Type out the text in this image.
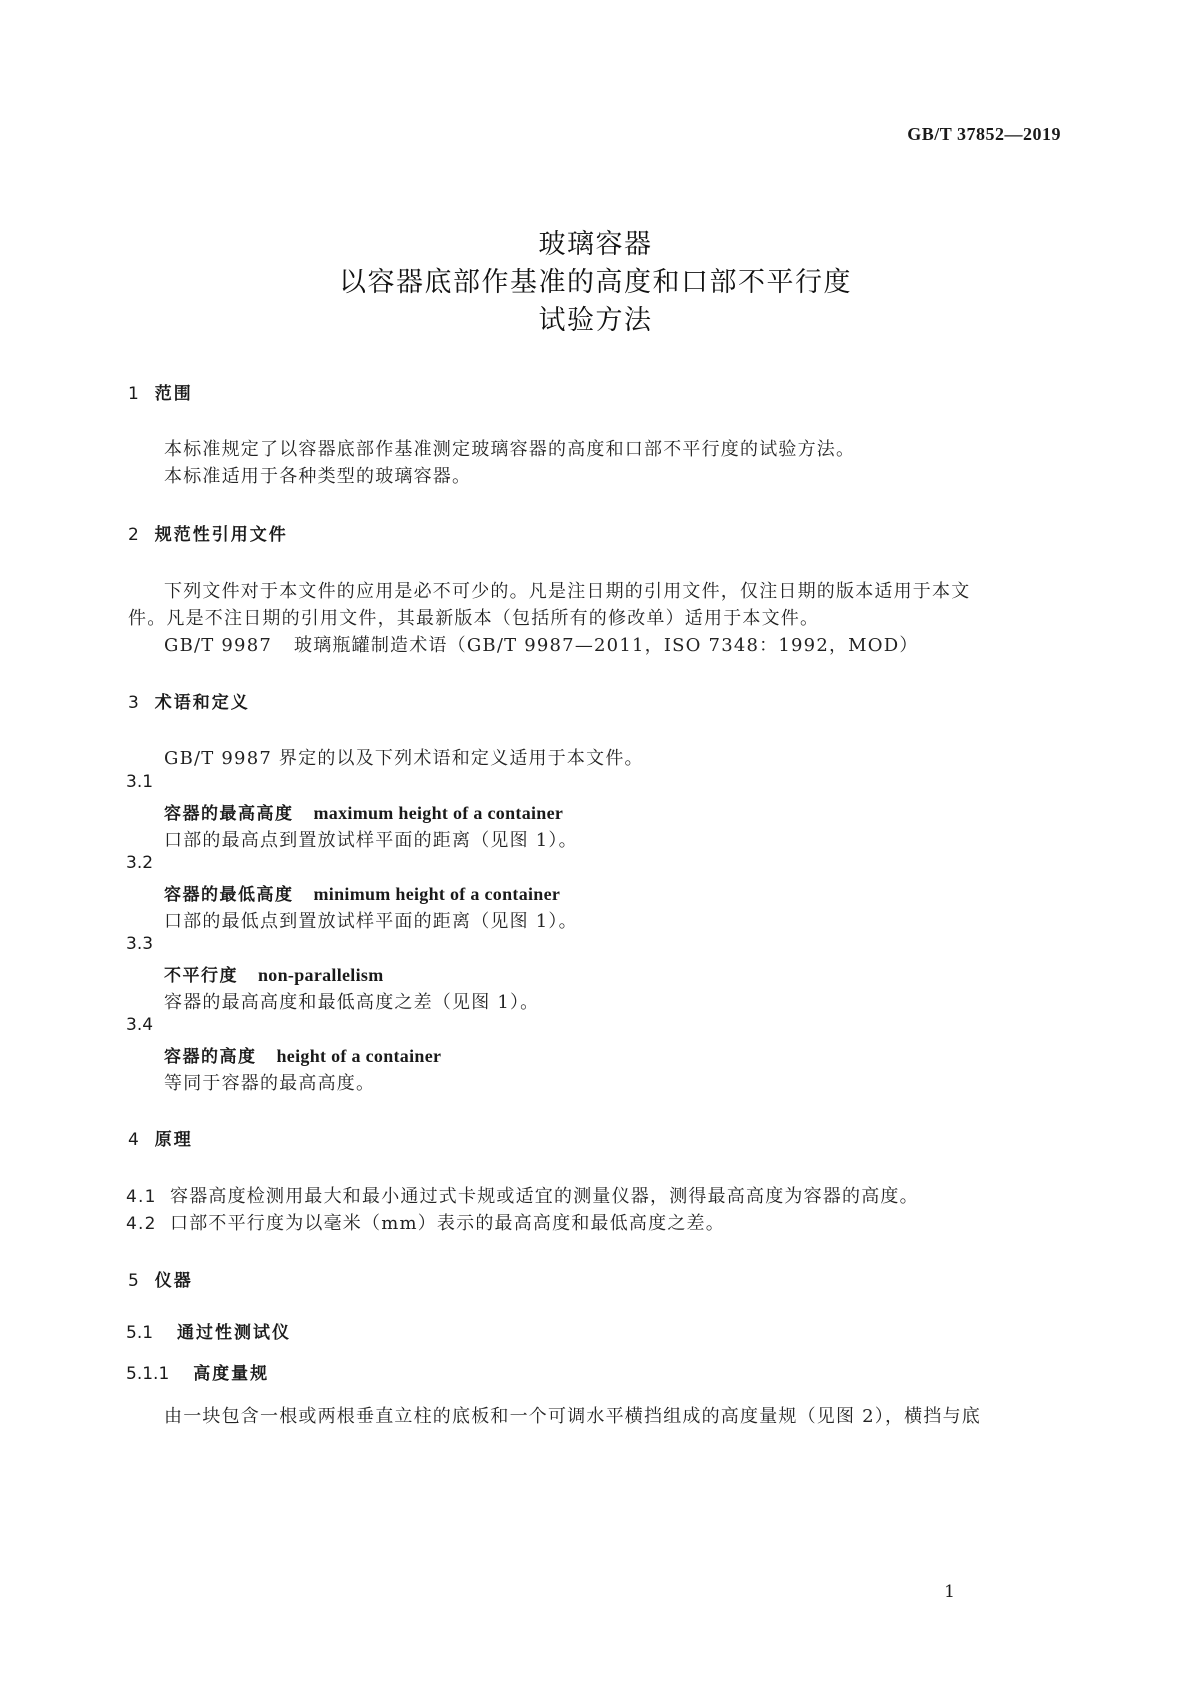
GB/T 37852—2019
玻璃容器
以容器底部作基准的高度和口部不平行度
试验方法
1 范围
本标准规定了以容器底部作基准测定玻璃容器的高度和口部不平行度的试验方法。
本标准适用于各种类型的玻璃容器。
2 规范性引用文件
下列文件对于本文件的应用是必不可少的。凡是注日期的引用文件，仅注日期的版本适用于本文
件。凡是不注日期的引用文件，其最新版本（包括所有的修改单）适用于本文件。
GB/T 9987 玻璃瓶罐制造术语（GB/T 9987—2011，ISO 7348：1992，MOD）
3 术语和定义
GB/T 9987 界定的以及下列术语和定义适用于本文件。
3.1
容器的最高高度 maximum height of a container
口部的最高点到置放试样平面的距离（见图 1）。
3.2
容器的最低高度 minimum height of a container
口部的最低点到置放试样平面的距离（见图 1）。
3.3
不平行度 non-parallelism
容器的最高高度和最低高度之差（见图 1）。
3.4
容器的高度 height of a container
等同于容器的最高高度。
4 原理
4.1 容器高度检测用最大和最小通过式卡规或适宜的测量仪器，测得最高高度为容器的高度。
4.2 口部不平行度为以毫米（mm）表示的最高高度和最低高度之差。
5 仪器
5.1 通过性测试仪
5.1.1 高度量规
由一块包含一根或两根垂直立柱的底板和一个可调水平横挡组成的高度量规（见图 2），横挡与底
1
